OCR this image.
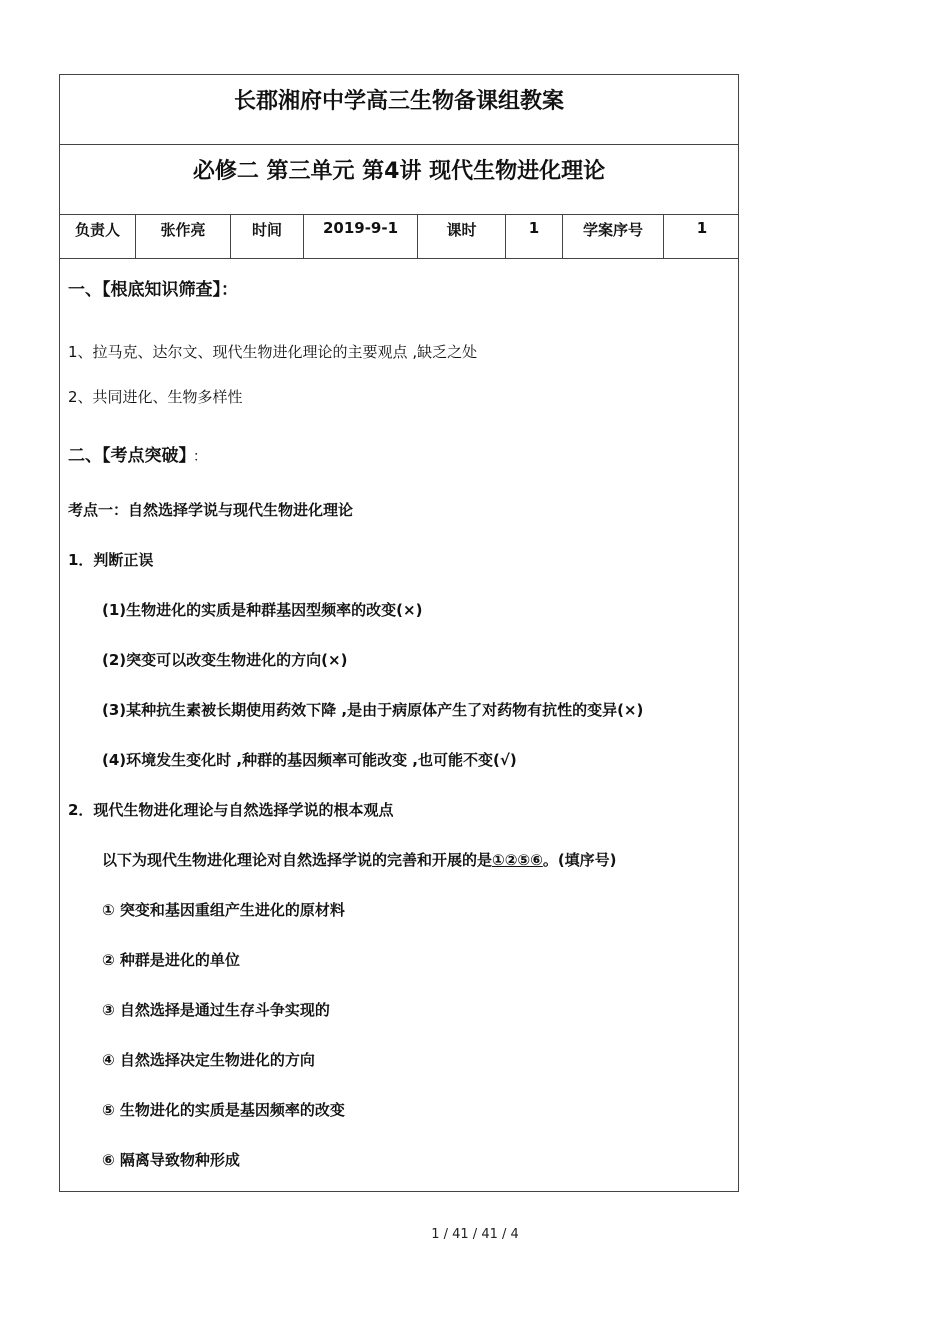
长郡湘府中学高三生物备课组教案
必修二 第三单元 第4讲 现代生物进化理论
负责人	张作亮	时间	2019-9-1	课时	1	学案序号	1
一、【根底知识筛查】：
1、拉马克、达尔文、现代生物进化理论的主要观点 ,缺乏之处
2、共同进化、生物多样性
二、【考点突破】 ：
考点一：自然选择学说与现代生物进化理论
1．判断正误
(1)生物进化的实质是种群基因型频率的改变(×)
(2)突变可以改变生物进化的方向(×)
(3)某种抗生素被长期使用药效下降 ,是由于病原体产生了对药物有抗性的变异(×)
(4)环境发生变化时 ,种群的基因频率可能改变 ,也可能不变(√)
2．现代生物进化理论与自然选择学说的根本观点
以下为现代生物进化理论对自然选择学说的完善和开展的是①②⑤⑥。(填序号)
① 突变和基因重组产生进化的原材料
② 种群是进化的单位
③ 自然选择是通过生存斗争实现的
④ 自然选择决定生物进化的方向
⑤ 生物进化的实质是基因频率的改变
⑥ 隔离导致物种形成
1 / 41 / 41 / 4
